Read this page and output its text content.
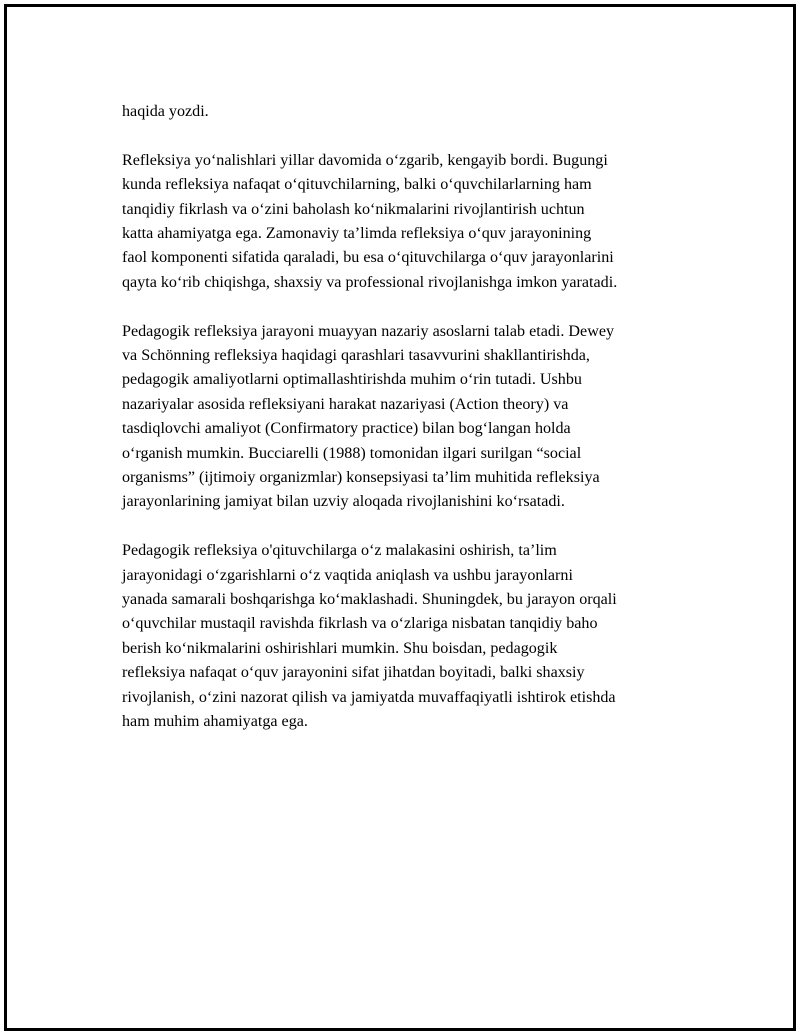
haqida yozdi.

Refleksiya yo‘nalishlari yillar davomida o‘zgarib, kengayib bordi. Bugungi
kunda refleksiya nafaqat o‘qituvchilarning, balki o‘quvchilarlarning ham
tanqidiy fikrlash va o‘zini baholash ko‘nikmalarini rivojlantirish uchtun
katta ahamiyatga ega. Zamonaviy ta’limda refleksiya o‘quv jarayonining
faol komponenti sifatida qaraladi, bu esa o‘qituvchilarga o‘quv jarayonlarini
qayta ko‘rib chiqishga, shaxsiy va professional rivojlanishga imkon yaratadi.

Pedagogik refleksiya jarayoni muayyan nazariy asoslarni talab etadi. Dewey
va Schönning refleksiya haqidagi qarashlari tasavvurini shakllantirishda,
pedagogik amaliyotlarni optimallashtirishda muhim o‘rin tutadi. Ushbu
nazariyalar asosida refleksiyani harakat nazariyasi (Action theory) va
tasdiqlovchi amaliyot (Confirmatory practice) bilan bog‘langan holda
o‘rganish mumkin. Bucciarelli (1988) tomonidan ilgari surilgan “social
organisms” (ijtimoiy organizmlar) konsepsiyasi ta’lim muhitida refleksiya
jarayonlarining jamiyat bilan uzviy aloqada rivojlanishini ko‘rsatadi.

Pedagogik refleksiya o'qituvchilarga o‘z malakasini oshirish, ta’lim
jarayonidagi o‘zgarishlarni o‘z vaqtida aniqlash va ushbu jarayonlarni
yanada samarali boshqarishga ko‘maklashadi. Shuningdek, bu jarayon orqali
o‘quvchilar mustaqil ravishda fikrlash va o‘zlariga nisbatan tanqidiy baho
berish ko‘nikmalarini oshirishlari mumkin. Shu boisdan, pedagogik
refleksiya nafaqat o‘quv jarayonini sifat jihatdan boyitadi, balki shaxsiy
rivojlanish, o‘zini nazorat qilish va jamiyatda muvaffaqiyatli ishtirok etishda
ham muhim ahamiyatga ega.
